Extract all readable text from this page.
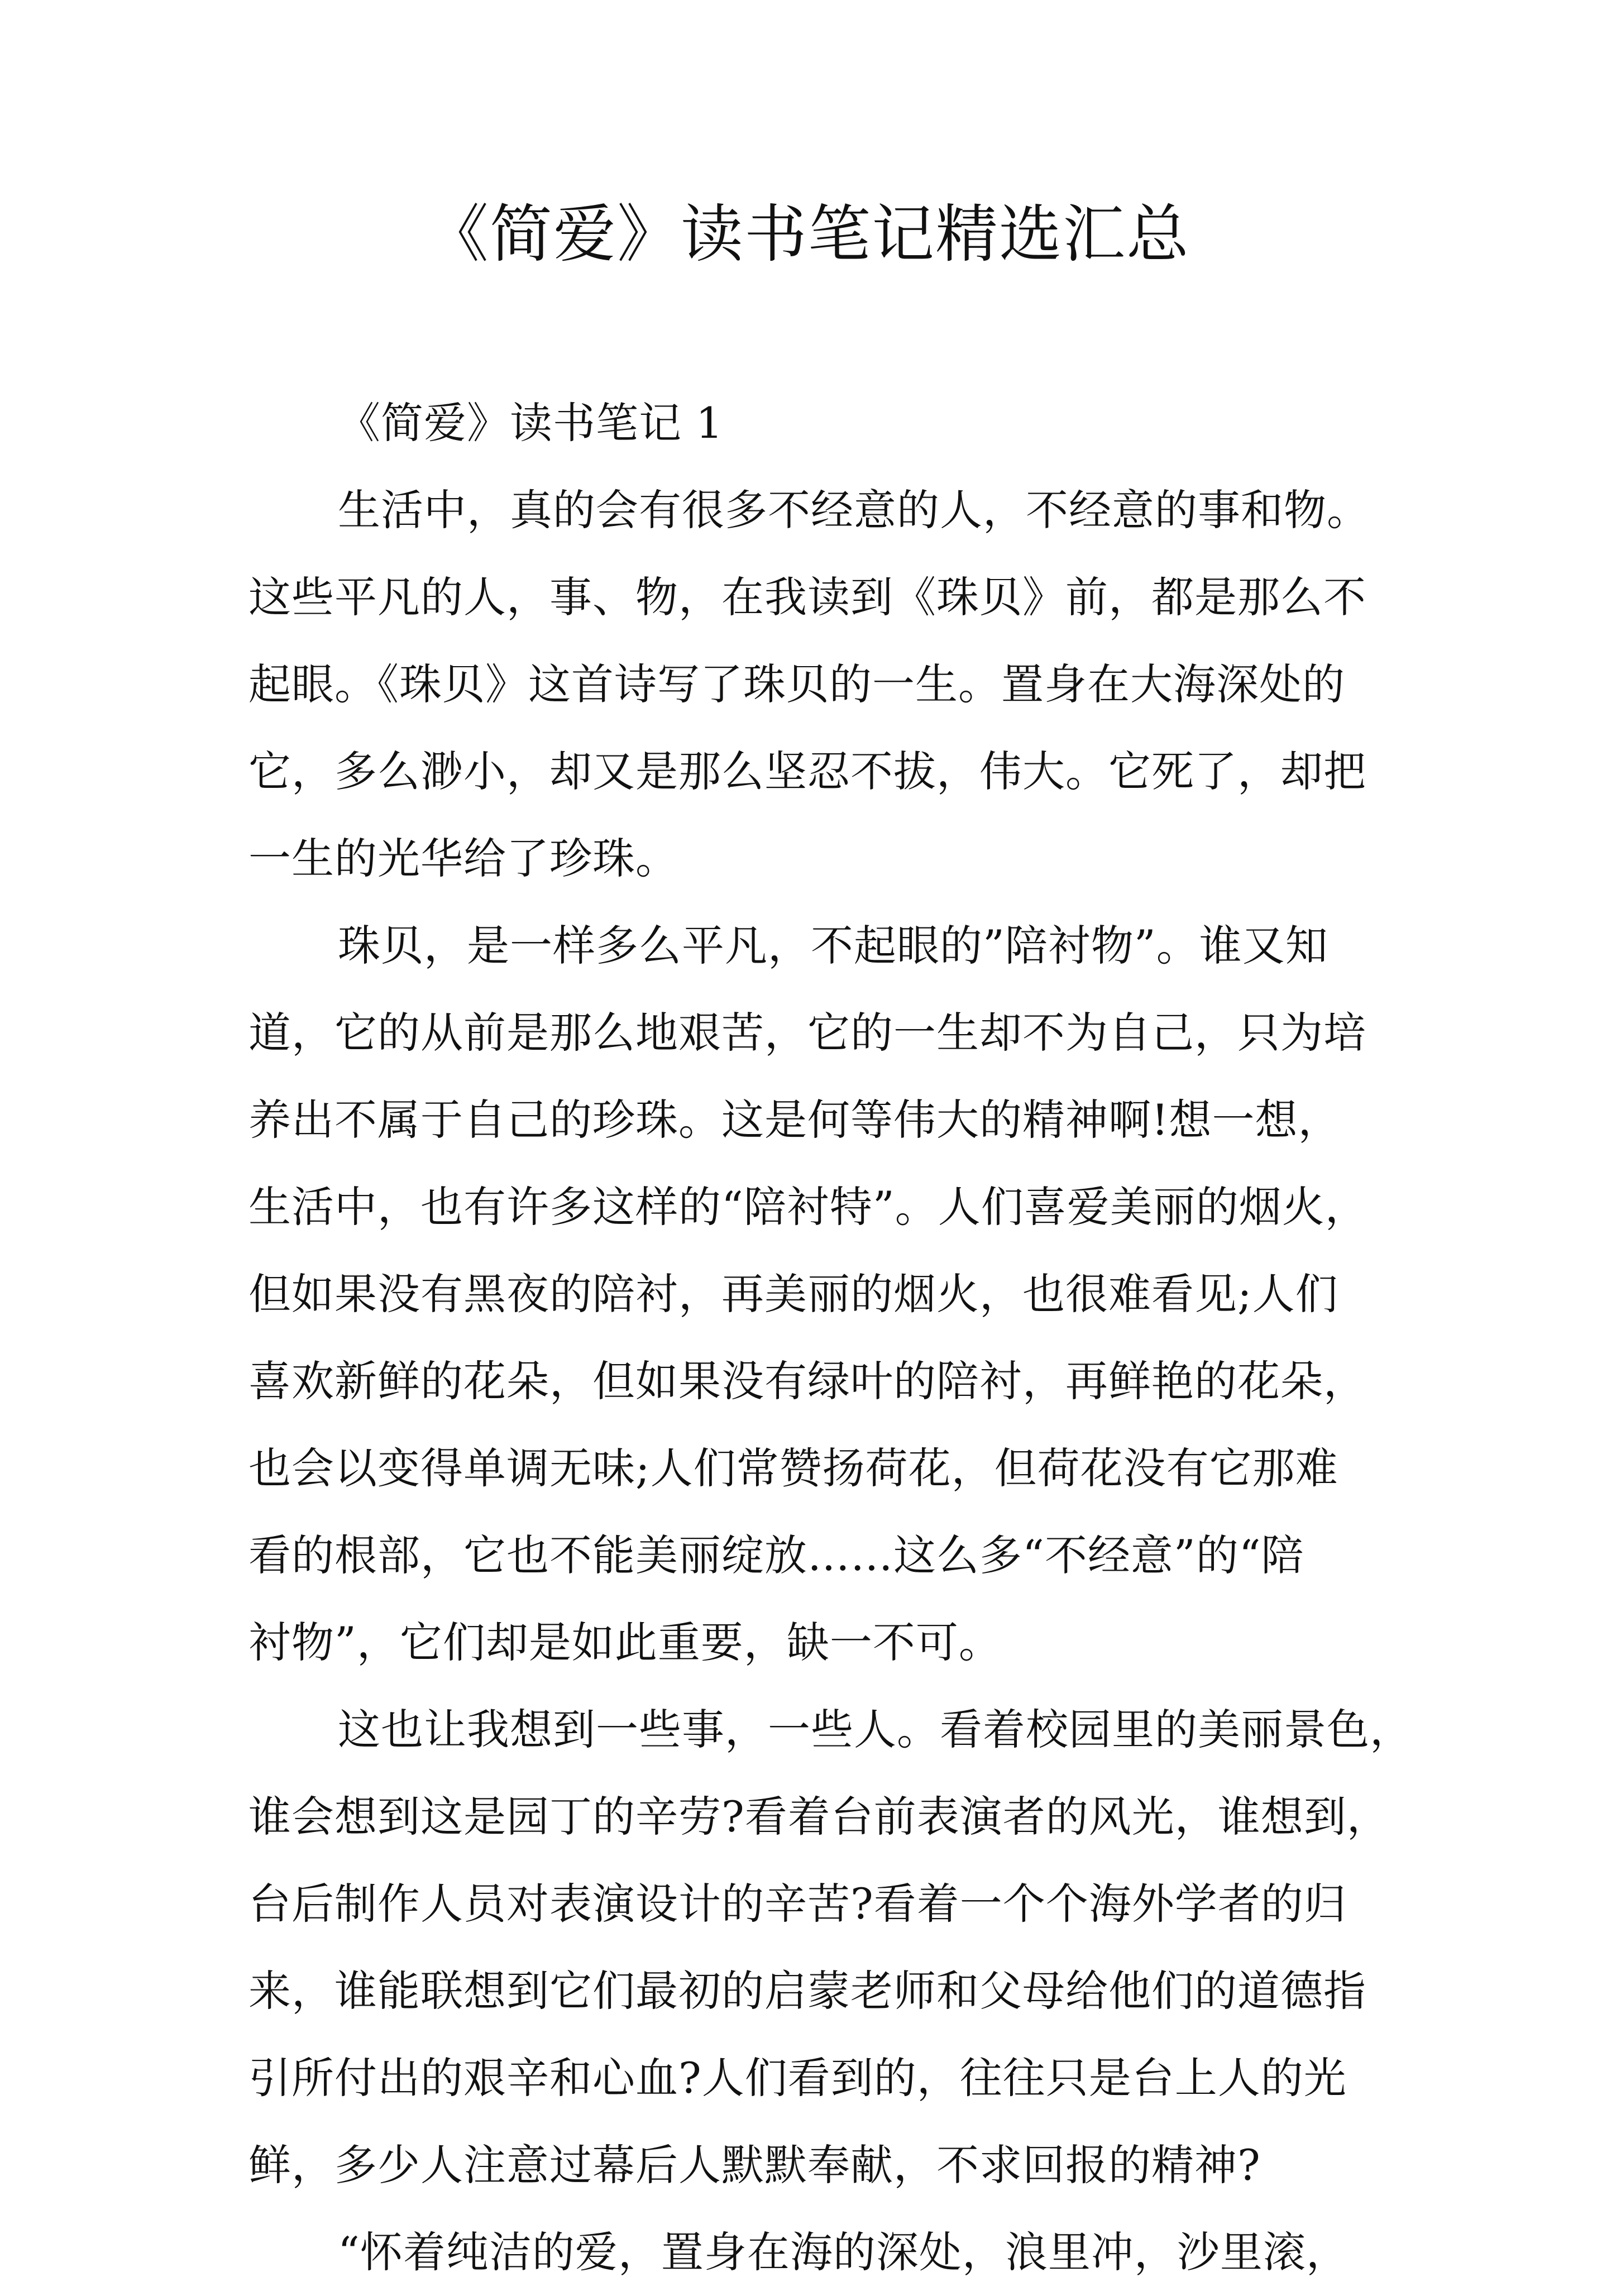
《简爱》读书笔记精选汇总
《简爱》读书笔记 1
生活中，真的会有很多不经意的人，不经意的事和物。
这些平凡的人，事、物，在我读到《珠贝》前，都是那么不
起眼。《珠贝》这首诗写了珠贝的一生。置身在大海深处的
它，多么渺小，却又是那么坚忍不拔，伟大。它死了，却把
一生的光华给了珍珠。
珠贝，是一样多么平凡，不起眼的”陪衬物”。谁又知
道，它的从前是那么地艰苦，它的一生却不为自己，只为培
养出不属于自己的珍珠。这是何等伟大的精神啊!想一想，
生活中，也有许多这样的“陪衬特”。人们喜爱美丽的烟火，
但如果没有黑夜的陪衬，再美丽的烟火，也很难看见;人们
喜欢新鲜的花朵，但如果没有绿叶的陪衬，再鲜艳的花朵，
也会以变得单调无味;人们常赞扬荷花，但荷花没有它那难
看的根部，它也不能美丽绽放……这么多“不经意”的“陪
衬物”，它们却是如此重要，缺一不可。
这也让我想到一些事，一些人。看着校园里的美丽景色，
谁会想到这是园丁的辛劳?看着台前表演者的风光，谁想到，
台后制作人员对表演设计的辛苦?看着一个个海外学者的归
来，谁能联想到它们最初的启蒙老师和父母给他们的道德指
引所付出的艰辛和心血?人们看到的，往往只是台上人的光
鲜，多少人注意过幕后人默默奉献，不求回报的精神?
“怀着纯洁的爱，置身在海的深处，浪里冲，沙里滚，
